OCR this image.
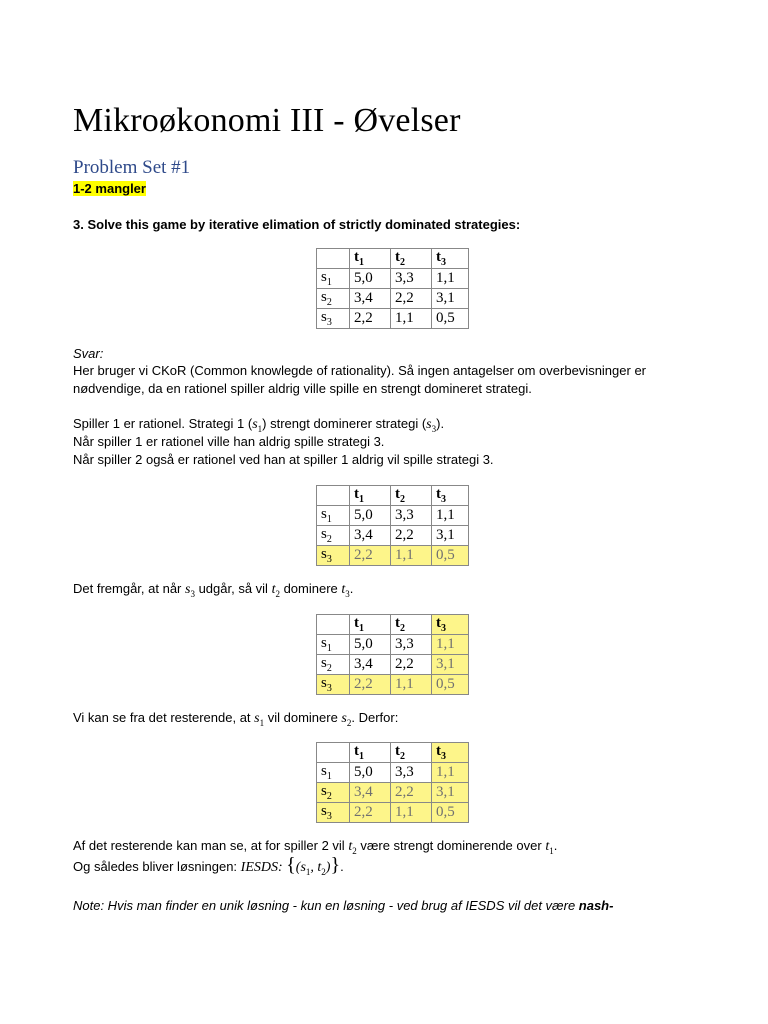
Mikroøkonomi III - Øvelser
Problem Set #1
1-2 mangler
3. Solve this game by iterative elimation of strictly dominated strategies:
	$t_1$	$t_2$	$t_3$
$s_1$	5,0	3,3	1,1
$s_2$	3,4	2,2	3,1
$s_3$	2,2	1,1	0,5
Svar:
Her bruger vi CKoR (Common knowlegde of rationality). Så ingen antagelser om overbevisninger er
nødvendige, da en rationel spiller aldrig ville spille en strengt domineret strategi.
Spiller 1 er rationel. Strategi 1 $(s_1)$ strengt dominerer strategi $(s_3)$.
Når spiller 1 er rationel ville han aldrig spille strategi 3.
Når spiller 2 også er rationel ved han at spiller 1 aldrig vil spille strategi 3.
	$t_1$	$t_2$	$t_3$
$s_1$	5,0	3,3	1,1
$s_2$	3,4	2,2	3,1
$s_3$	2,2	1,1	0,5
Det fremgår, at når $s_3$ udgår, så vil $t_2$ dominere $t_3$.
	$t_1$	$t_2$	$t_3$
$s_1$	5,0	3,3	1,1
$s_2$	3,4	2,2	3,1
$s_3$	2,2	1,1	0,5
Vi kan se fra det resterende, at $s_1$ vil dominere $s_2$. Derfor:
	$t_1$	$t_2$	$t_3$
$s_1$	5,0	3,3	1,1
$s_2$	3,4	2,2	3,1
$s_3$	2,2	1,1	0,5
Af det resterende kan man se, at for spiller 2 vil $t_2$ være strengt dominerende over $t_1$.
Og således bliver løsningen: IESDS: {($s_1$, $t_2$)}.
Note: Hvis man finder en unik løsning - kun en løsning - ved brug af IESDS vil det være nash-
